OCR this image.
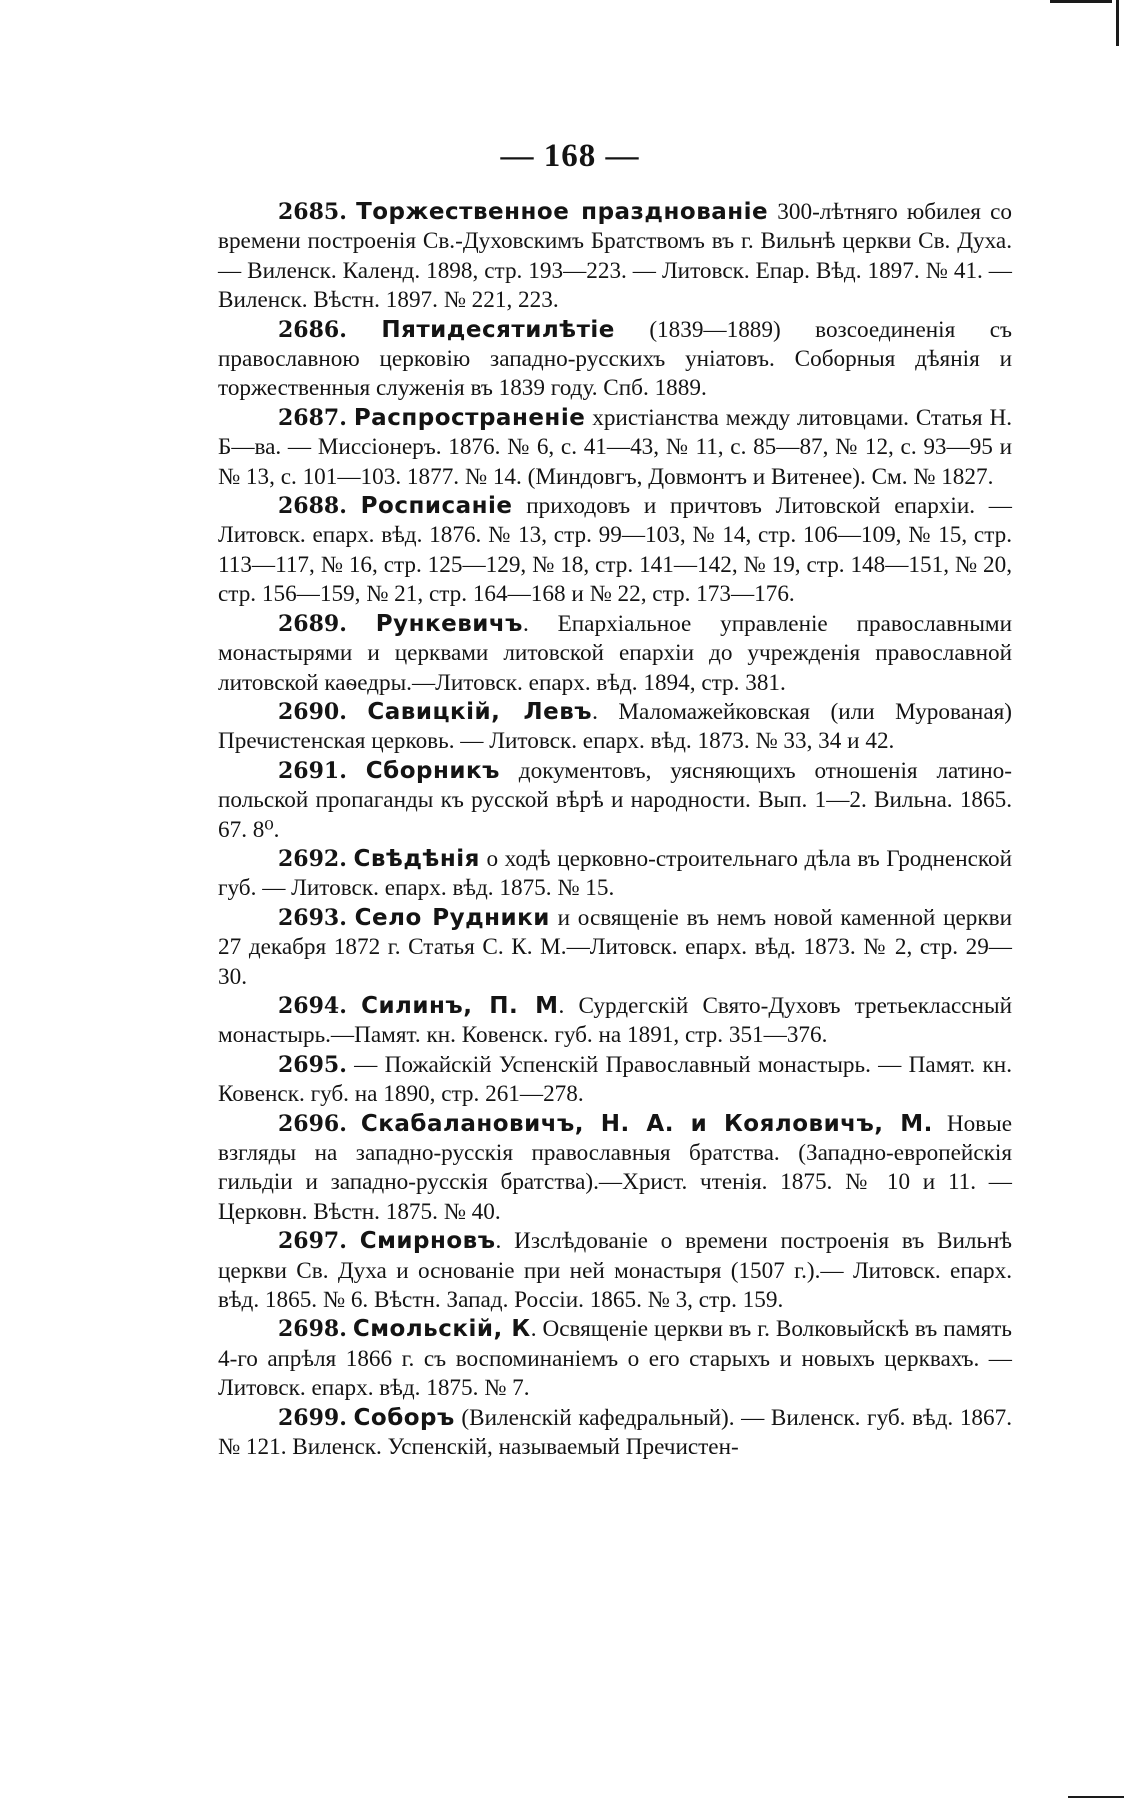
— 168 —

2685. Торжественное празднованіе 300-лѣтняго юбилея со времени построенія Св.-Духовскимъ Братствомъ въ г. Вильнѣ церкви Св. Духа. — Виленск. Календ. 1898, стр. 193—223. — Литовск. Епар. Вѣд. 1897. № 41. — Виленск. Вѣстн. 1897. № 221, 223.

2686. Пятидесятилѣтіе (1839—1889) возсоединенія съ православною церковію западно-русскихъ уніатовъ. Соборныя дѣянія и торжественныя служенія въ 1839 году. Спб. 1889.

2687. Распространеніе христіанства между литовцами. Статья Н. Б—ва. — Миссіонеръ. 1876. № 6, с. 41—43, № 11, с. 85—87, № 12, с. 93—95 и № 13, с. 101—103. 1877. № 14. (Миндовгъ, Довмонтъ и Витенее). См. № 1827.

2688. Росписаніе приходовъ и причтовъ Литовской епархіи. — Литовск. епарх. вѣд. 1876. № 13, стр. 99—103, № 14, стр. 106—109, № 15, стр. 113—117, № 16, стр. 125—129, № 18, стр. 141—142, № 19, стр. 148—151, № 20, стр. 156—159, № 21, стр. 164—168 и № 22, стр. 173—176.

2689. Рункевичъ. Епархіальное управленіе православными монастырями и церквами литовской епархіи до учрежденія православной литовской каѳедры.—Литовск. епарх. вѣд. 1894, стр. 381.

2690. Савицкій, Левъ. Маломажейковская (или Мурованая) Пречистенская церковь. — Литовск. епарх. вѣд. 1873. № 33, 34 и 42.

2691. Сборникъ документовъ, уясняющихъ отношенія латино-польской пропаганды къ русской вѣрѣ и народности. Вып. 1—2. Вильна. 1865. 67. 8⁰.

2692. Свѣдѣнія о ходѣ церковно-строительнаго дѣла въ Гродненской губ. — Литовск. епарх. вѣд. 1875. № 15.

2693. Село Рудники и освященіе въ немъ новой каменной церкви 27 декабря 1872 г. Статья С. К. М.—Литовск. епарх. вѣд. 1873. № 2, стр. 29—30.

2694. Силинъ, П. М. Сурдегскій Свято-Духовъ третьеклассный монастырь.—Памят. кн. Ковенск. губ. на 1891, стр. 351—376.

2695. — Пожайскій Успенскій Православный монастырь. — Памят. кн. Ковенск. губ. на 1890, стр. 261—278.

2696. Скабалановичъ, Н. А. и Кояловичъ, М. Новые взгляды на западно-русскія православныя братства. (Западно-европейскія гильдіи и западно-русскія братства).—Христ. чтенія. 1875. № 10 и 11. — Церковн. Вѣстн. 1875. № 40.

2697. Смирновъ. Изслѣдованіе о времени построенія въ Вильнѣ церкви Св. Духа и основаніе при ней монастыря (1507 г.).— Литовск. епарх. вѣд. 1865. № 6. Вѣстн. Запад. Россіи. 1865. № 3, стр. 159.

2698. Смольскій, К. Освященіе церкви въ г. Волковыйскѣ въ память 4-го апрѣля 1866 г. съ воспоминаніемъ о его старыхъ и новыхъ церквахъ. — Литовск. епарх. вѣд. 1875. № 7.

2699. Соборъ (Виленскій кафедральный). — Виленск. губ. вѣд. 1867. № 121. Виленск. Успенскій, называемый Пречистен-
